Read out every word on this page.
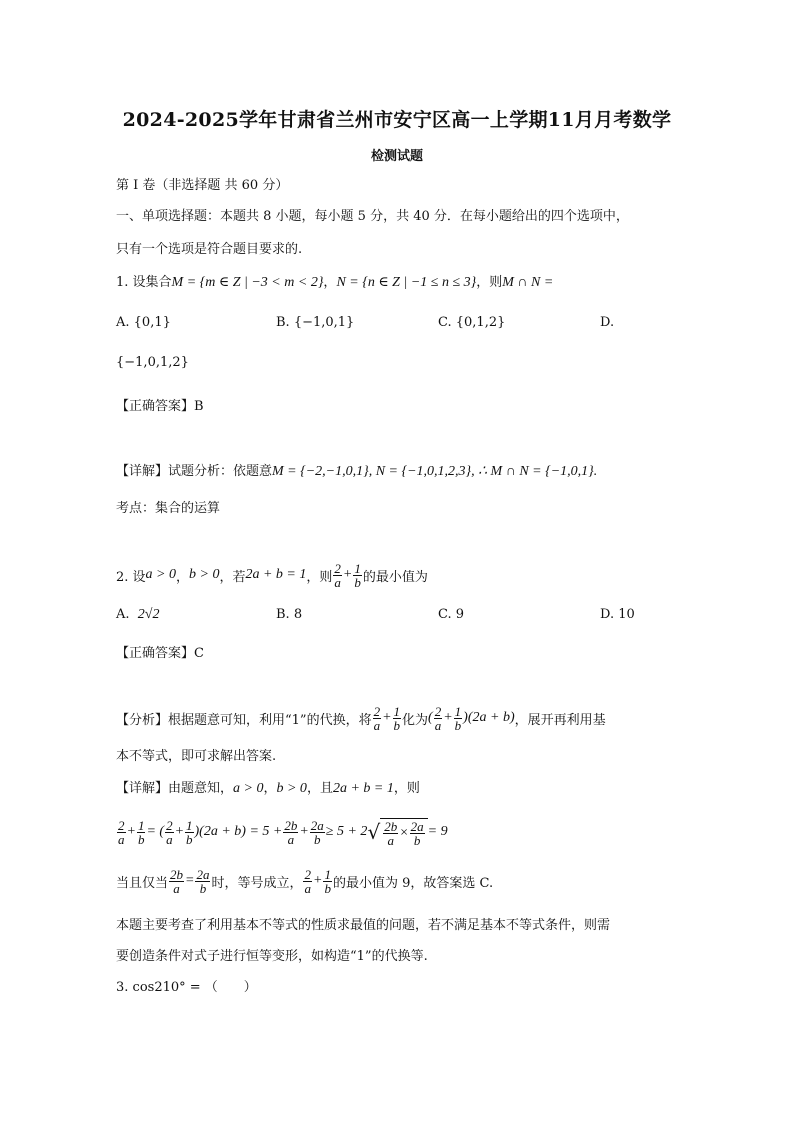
2024-2025学年甘肃省兰州市安宁区高一上学期11月月考数学
检测试题
第 I 卷（非选择题 共 60 分）
一、单项选择题：本题共 8 小题，每小题 5 分，共 40 分．在每小题给出的四个选项中，
只有一个选项是符合题目要求的.
1. 设集合M = {m ∈ Z | −3 < m < 2}，N = {n ∈ Z | −1 ≤ n ≤ 3}，则M ∩ N =
A. {0,1}	B. {−1,0,1}	C. {0,1,2}	D.
{−1,0,1,2}
【正确答案】B
【详解】试题分析：依题意M = {−2,−1,0,1}, N = {−1,0,1,2,3}, ∴ M ∩ N = {−1,0,1}.
考点：集合的运算
2. 设 a > 0 ， b > 0 ，若 2a + b = 1 ，则 $\frac{2}{a} + \frac{1}{b}$ 的最小值为
A. 2√2	B. 8	C. 9	D. 10
【正确答案】C
【分析】根据题意可知，利用“1”的代换，将 $\frac{2}{a} + \frac{1}{b}$ 化为 ( $\frac{2}{a} + \frac{1}{b}$ ) (2a + b) ，展开再利用基
本不等式，即可求解出答案.
【详解】由题意知，a > 0，b > 0，且2a + b = 1，则
$\frac{2}{a} + \frac{1}{b}$ = ( $\frac{2}{a} + \frac{1}{b} )(2a + b) = 5 + \frac{2b}{a} + \frac{2a}{b} \ge 5 + 2$ √ $\frac{2b}{a} \times \frac{2a}{b} = 9$
当且仅当 $\frac{2b}{a} = \frac{2a}{b}$ 时，等号成立， $\frac{2}{a} + \frac{1}{b}$ 的最小值为 9，故答案选 C.
本题主要考查了利用基本不等式的性质求最值的问题，若不满足基本不等式条件，则需
要创造条件对式子进行恒等变形，如构造“1”的代换等.
3. cos210° = （　　）
